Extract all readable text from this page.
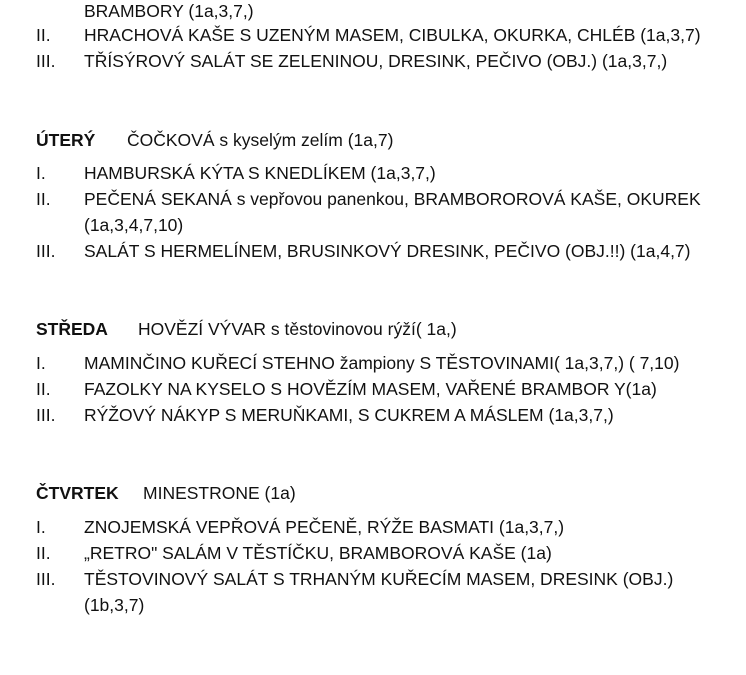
BRAMBORY (1a,3,7,)
II. HRACHOVÁ KAŠE S UZENÝM MASEM, CIBULKA, OKURKA, CHLÉB (1a,3,7)
III. TŘÍSÝROVÝ SALÁT SE ZELENINOU, DRESINK, PEČIVO (OBJ.) (1a,3,7,)
ÚTERÝ ČOČKOVÁ s kyselým zelím (1a,7)
I. HAMBURSKÁ KÝTA S KNEDLÍKEM (1a,3,7,)
II. PEČENÁ SEKANÁ s vepřovou panenkou, BRAMBOROROVÁ KAŠE, OKUREK
(1a,3,4,7,10)
III. SALÁT S HERMELÍNEM, BRUSINKOVÝ DRESINK, PEČIVO (OBJ.!!) (1a,4,7)
STŘEDA HOVĚZÍ VÝVAR s těstovinovou rýží( 1a,)
I. MAMINČINO KUŘECÍ STEHNO žampiony S TĚSTOVINAMI( 1a,3,7,) ( 7,10)
II. FAZOLKY NA KYSELO S HOVĚZÍM MASEM, VAŘENÉ BRAMBOR Y(1a)
III. RÝŽOVÝ NÁKYP S MERUŇKAMI, S CUKREM A MÁSLEM (1a,3,7,)
ČTVRTEK MINESTRONE (1a)
I. ZNOJEMSKÁ VEPŘOVÁ PEČENĚ, RÝŽE BASMATI (1a,3,7,)
II. „RETRO" SALÁM V TĚSTÍČKU, BRAMBOROVÁ KAŠE (1a)
III. TĚSTOVINOVÝ SALÁT S TRHANÝM KUŘECÍM MASEM, DRESINK (OBJ.)
(1b,3,7)
